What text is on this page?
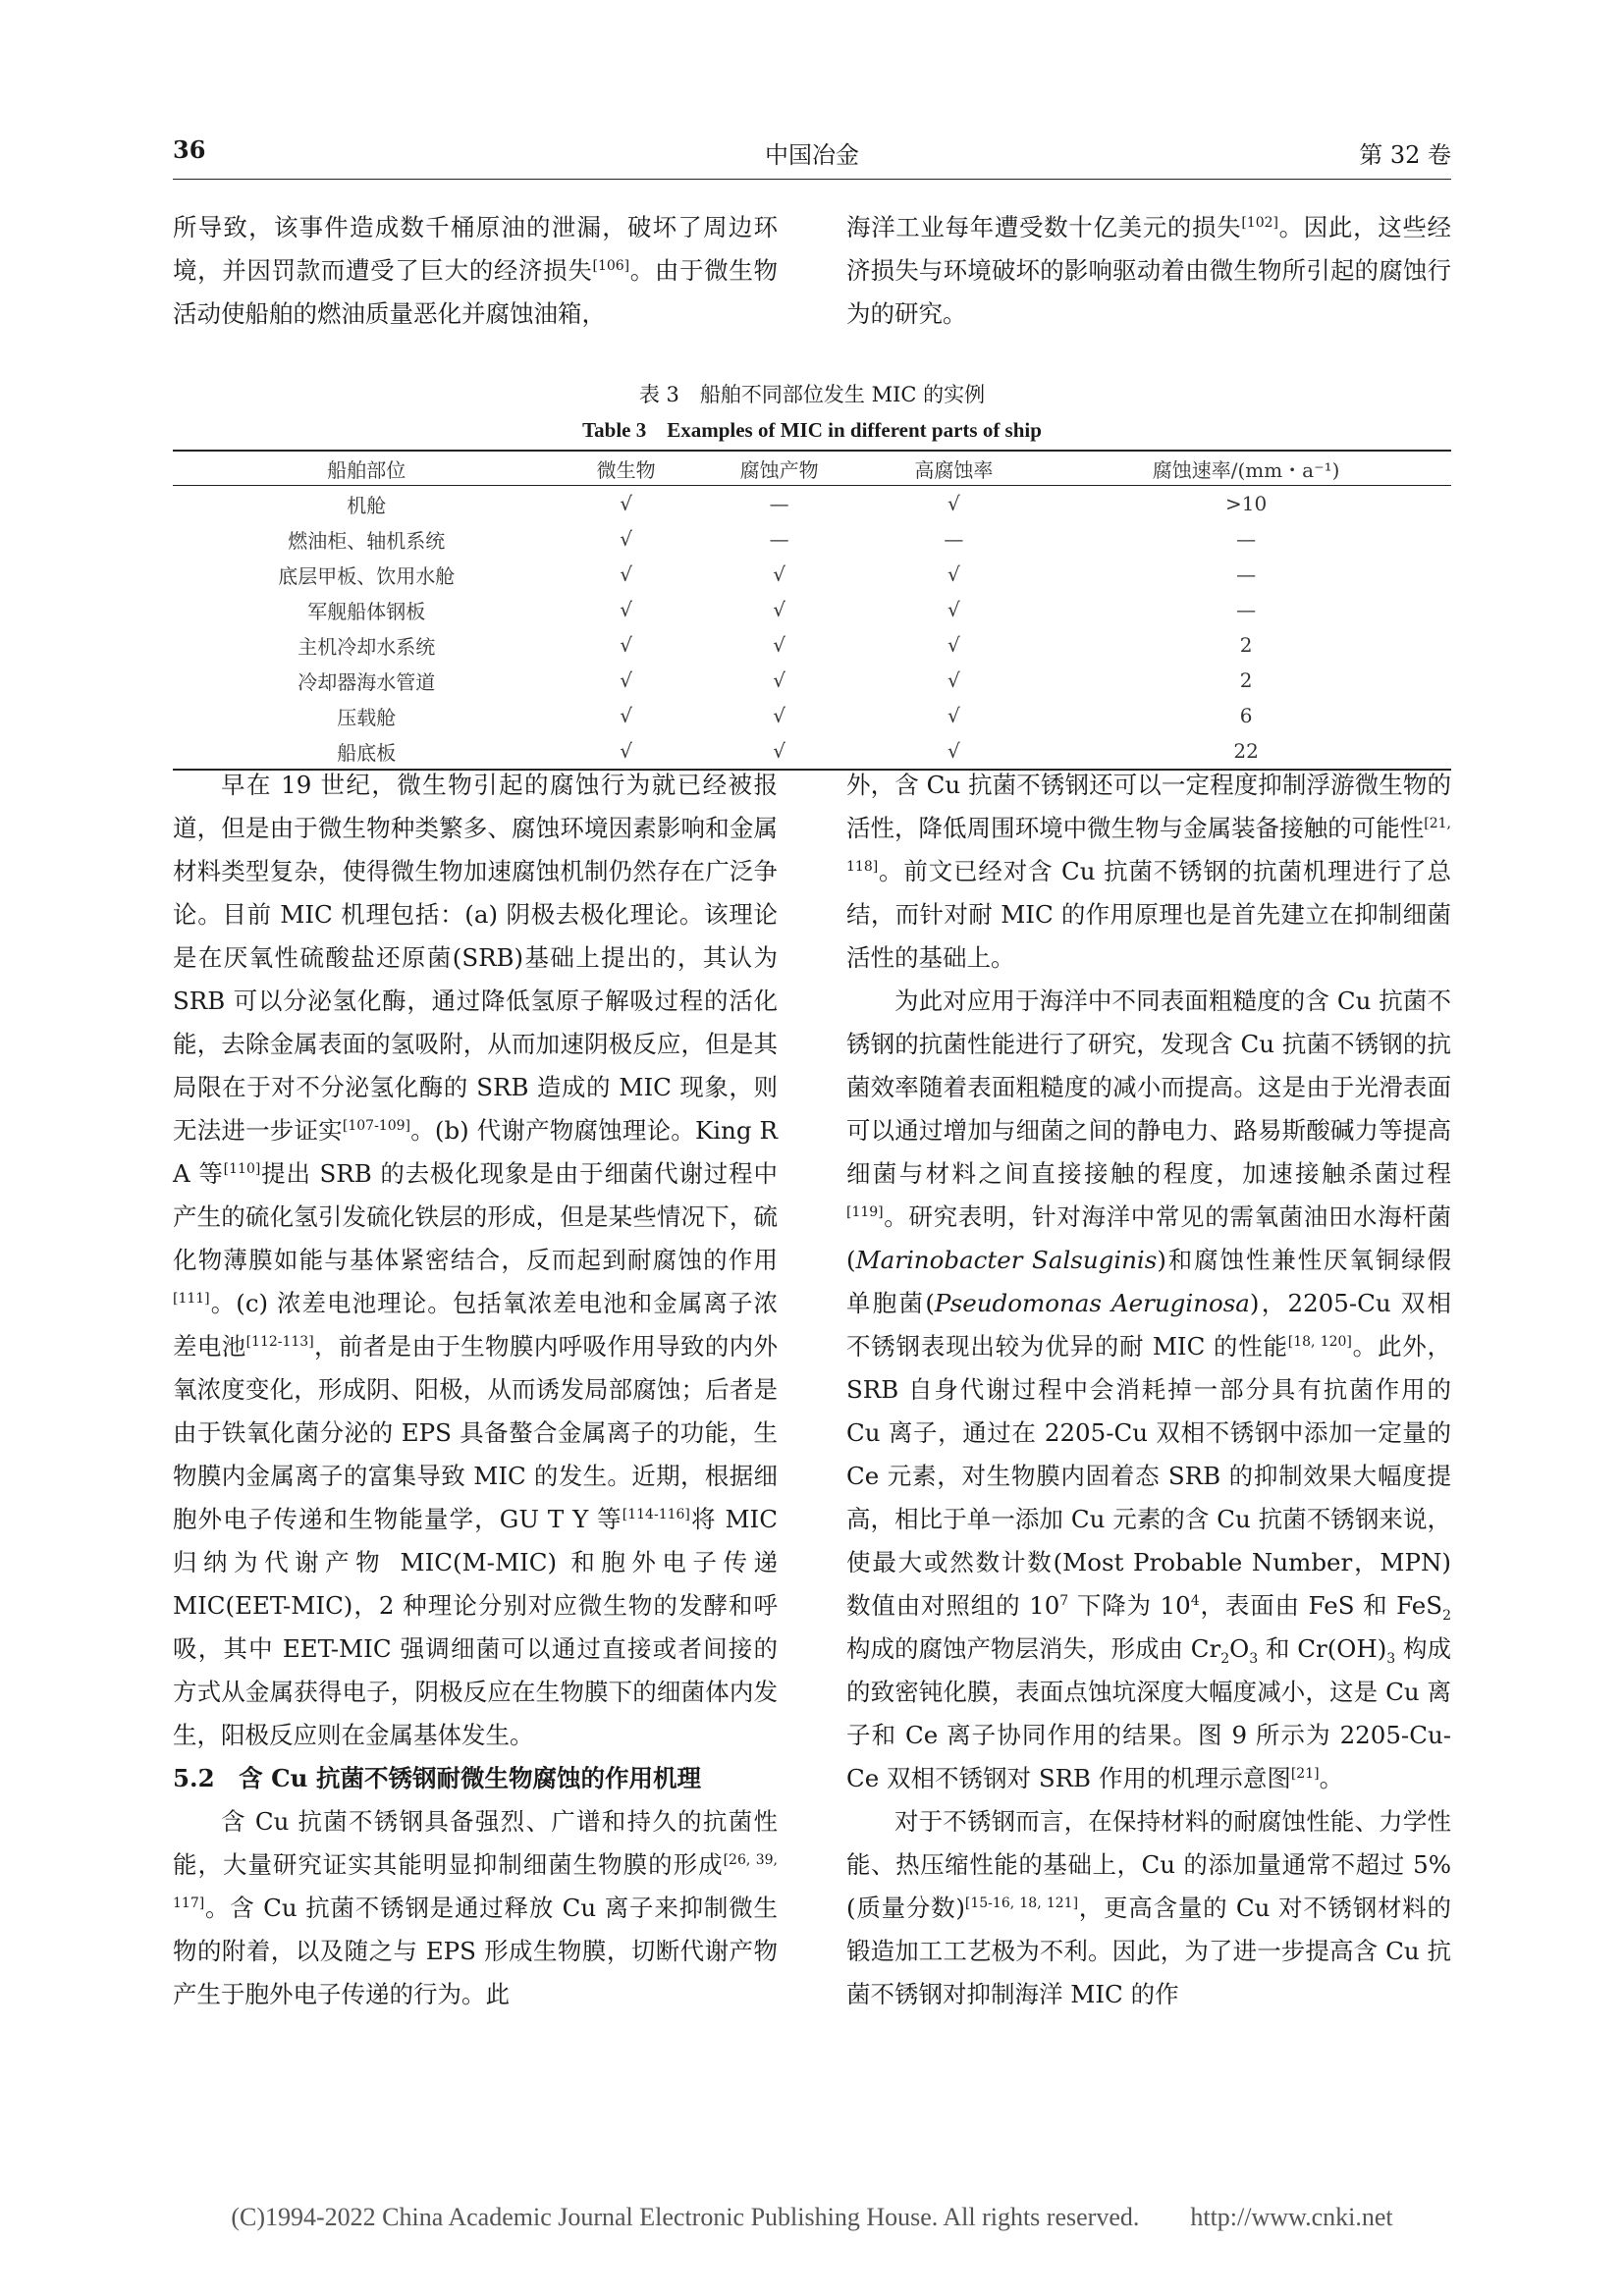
36	中国冶金	第 32 卷

所导致，该事件造成数千桶原油的泄漏，破坏了周边环境，并因罚款而遭受了巨大的经济损失[106]。由于微生物活动使船舶的燃油质量恶化并腐蚀油箱，

海洋工业每年遭受数十亿美元的损失[102]。因此，这些经济损失与环境破坏的影响驱动着由微生物所引起的腐蚀行为的研究。

表 3　船舶不同部位发生 MIC 的实例
Table 3　Examples of MIC in different parts of ship
船舶部位	微生物	腐蚀产物	高腐蚀率	腐蚀速率/(mm・a⁻¹)
机舱	√	—	√	>10
燃油柜、轴机系统	√	—	—	—
底层甲板、饮用水舱	√	√	√	—
军舰船体钢板	√	√	√	—
主机冷却水系统	√	√	√	2
冷却器海水管道	√	√	√	2
压载舱	√	√	√	6
船底板	√	√	√	22

早在 19 世纪，微生物引起的腐蚀行为就已经被报道，但是由于微生物种类繁多、腐蚀环境因素影响和金属材料类型复杂，使得微生物加速腐蚀机制仍然存在广泛争论。目前 MIC 机理包括：(a) 阴极去极化理论。该理论是在厌氧性硫酸盐还原菌(SRB)基础上提出的，其认为 SRB 可以分泌氢化酶，通过降低氢原子解吸过程的活化能，去除金属表面的氢吸附，从而加速阴极反应，但是其局限在于对不分泌氢化酶的 SRB 造成的 MIC 现象，则无法进一步证实[107-109]。(b) 代谢产物腐蚀理论。King R A 等[110]提出 SRB 的去极化现象是由于细菌代谢过程中产生的硫化氢引发硫化铁层的形成，但是某些情况下，硫化物薄膜如能与基体紧密结合，反而起到耐腐蚀的作用[111]。(c) 浓差电池理论。包括氧浓差电池和金属离子浓差电池[112-113]，前者是由于生物膜内呼吸作用导致的内外氧浓度变化，形成阴、阳极，从而诱发局部腐蚀；后者是由于铁氧化菌分泌的 EPS 具备螯合金属离子的功能，生物膜内金属离子的富集导致 MIC 的发生。近期，根据细胞外电子传递和生物能量学，GU T Y 等[114-116]将 MIC 归纳为代谢产物 MIC(M-MIC) 和胞外电子传递 MIC(EET-MIC)，2 种理论分别对应微生物的发酵和呼吸，其中 EET-MIC 强调细菌可以通过直接或者间接的方式从金属获得电子，阴极反应在生物膜下的细菌体内发生，阳极反应则在金属基体发生。

5.2　含 Cu 抗菌不锈钢耐微生物腐蚀的作用机理

含 Cu 抗菌不锈钢具备强烈、广谱和持久的抗菌性能，大量研究证实其能明显抑制细菌生物膜的形成[26, 39, 117]。含 Cu 抗菌不锈钢是通过释放 Cu 离子来抑制微生物的附着，以及随之与 EPS 形成生物膜，切断代谢产物产生于胞外电子传递的行为。此

外，含 Cu 抗菌不锈钢还可以一定程度抑制浮游微生物的活性，降低周围环境中微生物与金属装备接触的可能性[21, 118]。前文已经对含 Cu 抗菌不锈钢的抗菌机理进行了总结，而针对耐 MIC 的作用原理也是首先建立在抑制细菌活性的基础上。

为此对应用于海洋中不同表面粗糙度的含 Cu 抗菌不锈钢的抗菌性能进行了研究，发现含 Cu 抗菌不锈钢的抗菌效率随着表面粗糙度的减小而提高。这是由于光滑表面可以通过增加与细菌之间的静电力、路易斯酸碱力等提高细菌与材料之间直接接触的程度，加速接触杀菌过程[119]。研究表明，针对海洋中常见的需氧菌油田水海杆菌(Marinobacter Salsuginis)和腐蚀性兼性厌氧铜绿假单胞菌(Pseudomonas Aeruginosa)，2205-Cu 双相不锈钢表现出较为优异的耐 MIC 的性能[18, 120]。此外，SRB 自身代谢过程中会消耗掉一部分具有抗菌作用的 Cu 离子，通过在 2205-Cu 双相不锈钢中添加一定量的 Ce 元素，对生物膜内固着态 SRB 的抑制效果大幅度提高，相比于单一添加 Cu 元素的含 Cu 抗菌不锈钢来说，使最大或然数计数(Most Probable Number，MPN)数值由对照组的 $10^7$ 下降为 $10^4$，表面由 FeS 和 FeS$_2$ 构成的腐蚀产物层消失，形成由 $Cr_2O_3$ 和 $Cr(OH)_3$ 构成的致密钝化膜，表面点蚀坑深度大幅度减小，这是 Cu 离子和 Ce 离子协同作用的结果。图 9 所示为 2205-Cu-Ce 双相不锈钢对 SRB 作用的机理示意图[21]。

对于不锈钢而言，在保持材料的耐腐蚀性能、力学性能、热压缩性能的基础上，Cu 的添加量通常不超过 5%(质量分数)[15-16, 18, 121]，更高含量的 Cu 对不锈钢材料的锻造加工工艺极为不利。因此，为了进一步提高含 Cu 抗菌不锈钢对抑制海洋 MIC 的作

(C)1994-2022 China Academic Journal Electronic Publishing House. All rights reserved.　　http://www.cnki.net
